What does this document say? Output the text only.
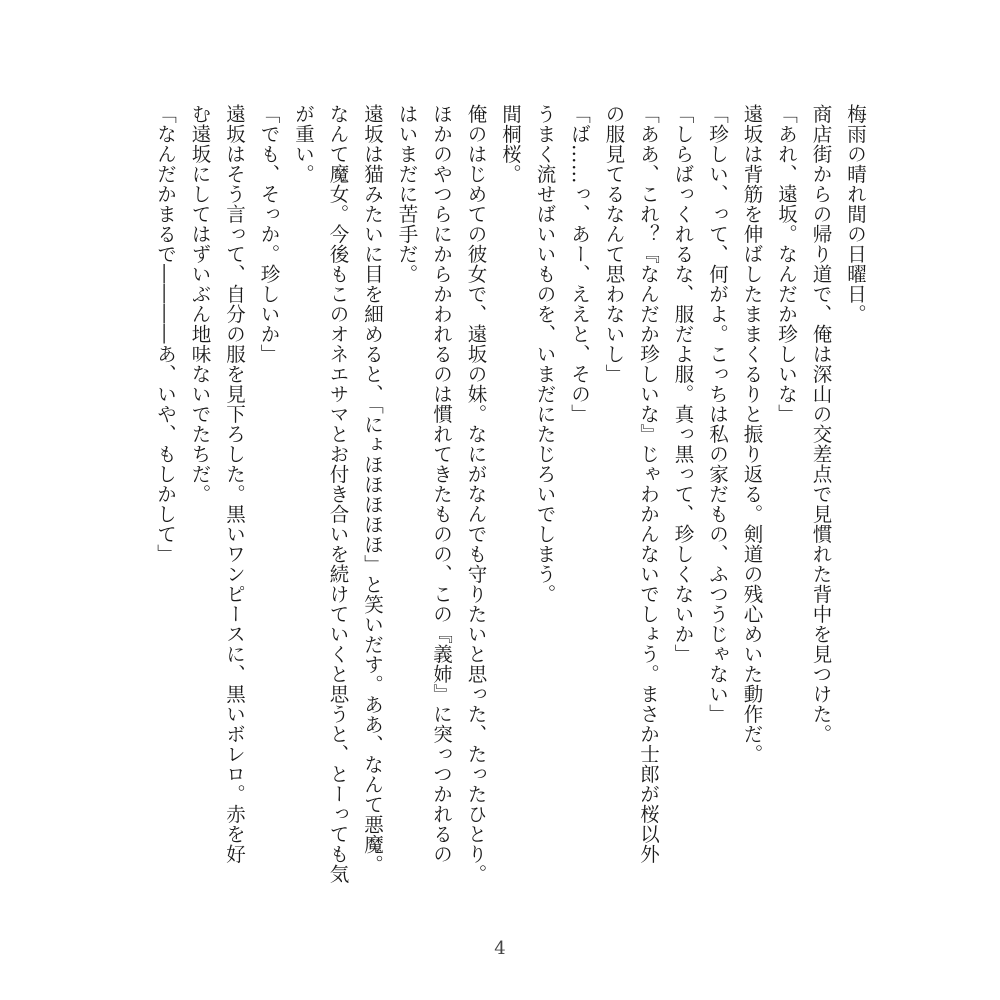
梅雨の晴れ間の日曜日。

商店街からの帰り道で、俺は深山の交差点で見慣れた背中を見つけた。

「あれ、遠坂。なんだか珍しいな」

遠坂は背筋を伸ばしたままくるりと振り返る。剣道の残心めいた動作だ。

「珍しい、って、何がよ。こっちは私の家だもの、ふつうじゃない」

「しらばっくれるな、服だよ服。真っ黒って、珍しくないか」

「ああ、これ？『なんだか珍しいな』じゃわかんないでしょう。まさか士郎が桜以外

の服見てるなんて思わないし」

「ば……っ、あー、ええと、その」

うまく流せばいいものを、いまだにたじろいでしまう。

間桐桜。

俺のはじめての彼女で、遠坂の妹。なにがなんでも守りたいと思った、たったひとり。

ほかのやつらにからかわれるのは慣れてきたものの、この『義姉』に突っつかれるの

はいまだに苦手だ。

遠坂は猫みたいに目を細めると、「にょほほほほほ」と笑いだす。ああ、なんて悪魔。

なんて魔女。今後もこのオネエサマとお付き合いを続けていくと思うと、とーっても気

が重い。

「でも、そっか。珍しいか」

遠坂はそう言って、自分の服を見下ろした。黒いワンピースに、黒いボレロ。赤を好

む遠坂にしてはずいぶん地味ないでたちだ。

「なんだかまるで――――あ、いや、もしかして」

4
